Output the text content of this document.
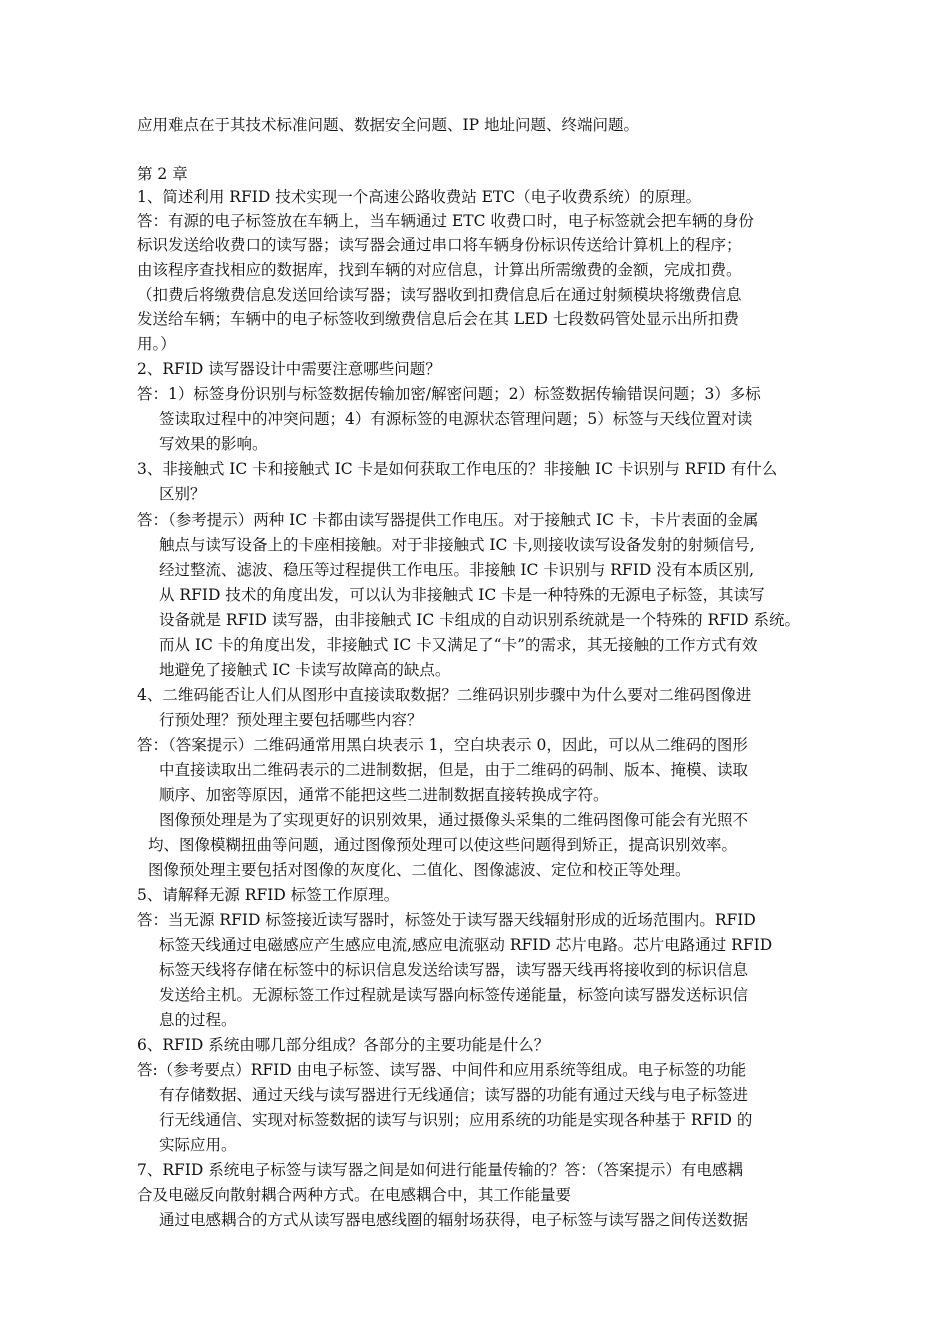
应用难点在于其技术标准问题、数据安全问题、IP 地址问题、终端问题。
第 2 章
1、简述利用 RFID 技术实现一个高速公路收费站 ETC（电子收费系统）的原理。
答：有源的电子标签放在车辆上，当车辆通过 ETC 收费口时，电子标签就会把车辆的身份
标识发送给收费口的读写器；读写器会通过串口将车辆身份标识传送给计算机上的程序；
由该程序查找相应的数据库，找到车辆的对应信息，计算出所需缴费的金额，完成扣费。
（扣费后将缴费信息发送回给读写器；读写器收到扣费信息后在通过射频模块将缴费信息
发送给车辆；车辆中的电子标签收到缴费信息后会在其 LED 七段数码管处显示出所扣费
用。）
2、RFID 读写器设计中需要注意哪些问题？
答：1）标签身份识别与标签数据传输加密/解密问题；2）标签数据传输错误问题；3）多标
签读取过程中的冲突问题；4）有源标签的电源状态管理问题；5）标签与天线位置对读
写效果的影响。
3、非接触式 IC 卡和接触式 IC 卡是如何获取工作电压的？非接触 IC 卡识别与 RFID 有什么
区别？
答：（参考提示）两种 IC 卡都由读写器提供工作电压。对于接触式 IC 卡，卡片表面的金属
触点与读写设备上的卡座相接触。对于非接触式 IC 卡,则接收读写设备发射的射频信号,
经过整流、滤波、稳压等过程提供工作电压。非接触 IC 卡识别与 RFID 没有本质区别,
从 RFID 技术的角度出发，可以认为非接触式 IC 卡是一种特殊的无源电子标签，其读写
设备就是 RFID 读写器，由非接触式 IC 卡组成的自动识别系统就是一个特殊的 RFID 系统。
而从 IC 卡的角度出发，非接触式 IC 卡又满足了“卡”的需求，其无接触的工作方式有效
地避免了接触式 IC 卡读写故障高的缺点。
4、二维码能否让人们从图形中直接读取数据？二维码识别步骤中为什么要对二维码图像进
行预处理？预处理主要包括哪些内容？
答：（答案提示）二维码通常用黑白块表示 1，空白块表示 0，因此，可以从二维码的图形
中直接读取出二维码表示的二进制数据，但是，由于二维码的码制、版本、掩模、读取
顺序、加密等原因，通常不能把这些二进制数据直接转换成字符。
图像预处理是为了实现更好的识别效果，通过摄像头采集的二维码图像可能会有光照不
均、图像模糊扭曲等问题，通过图像预处理可以使这些问题得到矫正，提高识别效率。
图像预处理主要包括对图像的灰度化、二值化、图像滤波、定位和校正等处理。
5、请解释无源 RFID 标签工作原理。
答：当无源 RFID 标签接近读写器时，标签处于读写器天线辐射形成的近场范围内。RFID
标签天线通过电磁感应产生感应电流,感应电流驱动 RFID 芯片电路。芯片电路通过 RFID
标签天线将存储在标签中的标识信息发送给读写器，读写器天线再将接收到的标识信息
发送给主机。无源标签工作过程就是读写器向标签传递能量，标签向读写器发送标识信
息的过程。
6、RFID 系统由哪几部分组成？各部分的主要功能是什么？
答:（参考要点）RFID 由电子标签、读写器、中间件和应用系统等组成。电子标签的功能
有存储数据、通过天线与读写器进行无线通信；读写器的功能有通过天线与电子标签进
行无线通信、实现对标签数据的读写与识别；应用系统的功能是实现各种基于 RFID 的
实际应用。
7、RFID 系统电子标签与读写器之间是如何进行能量传输的？答：（答案提示）有电感耦
合及电磁反向散射耦合两种方式。在电感耦合中，其工作能量要
通过电感耦合的方式从读写器电感线圈的辐射场获得，电子标签与读写器之间传送数据
